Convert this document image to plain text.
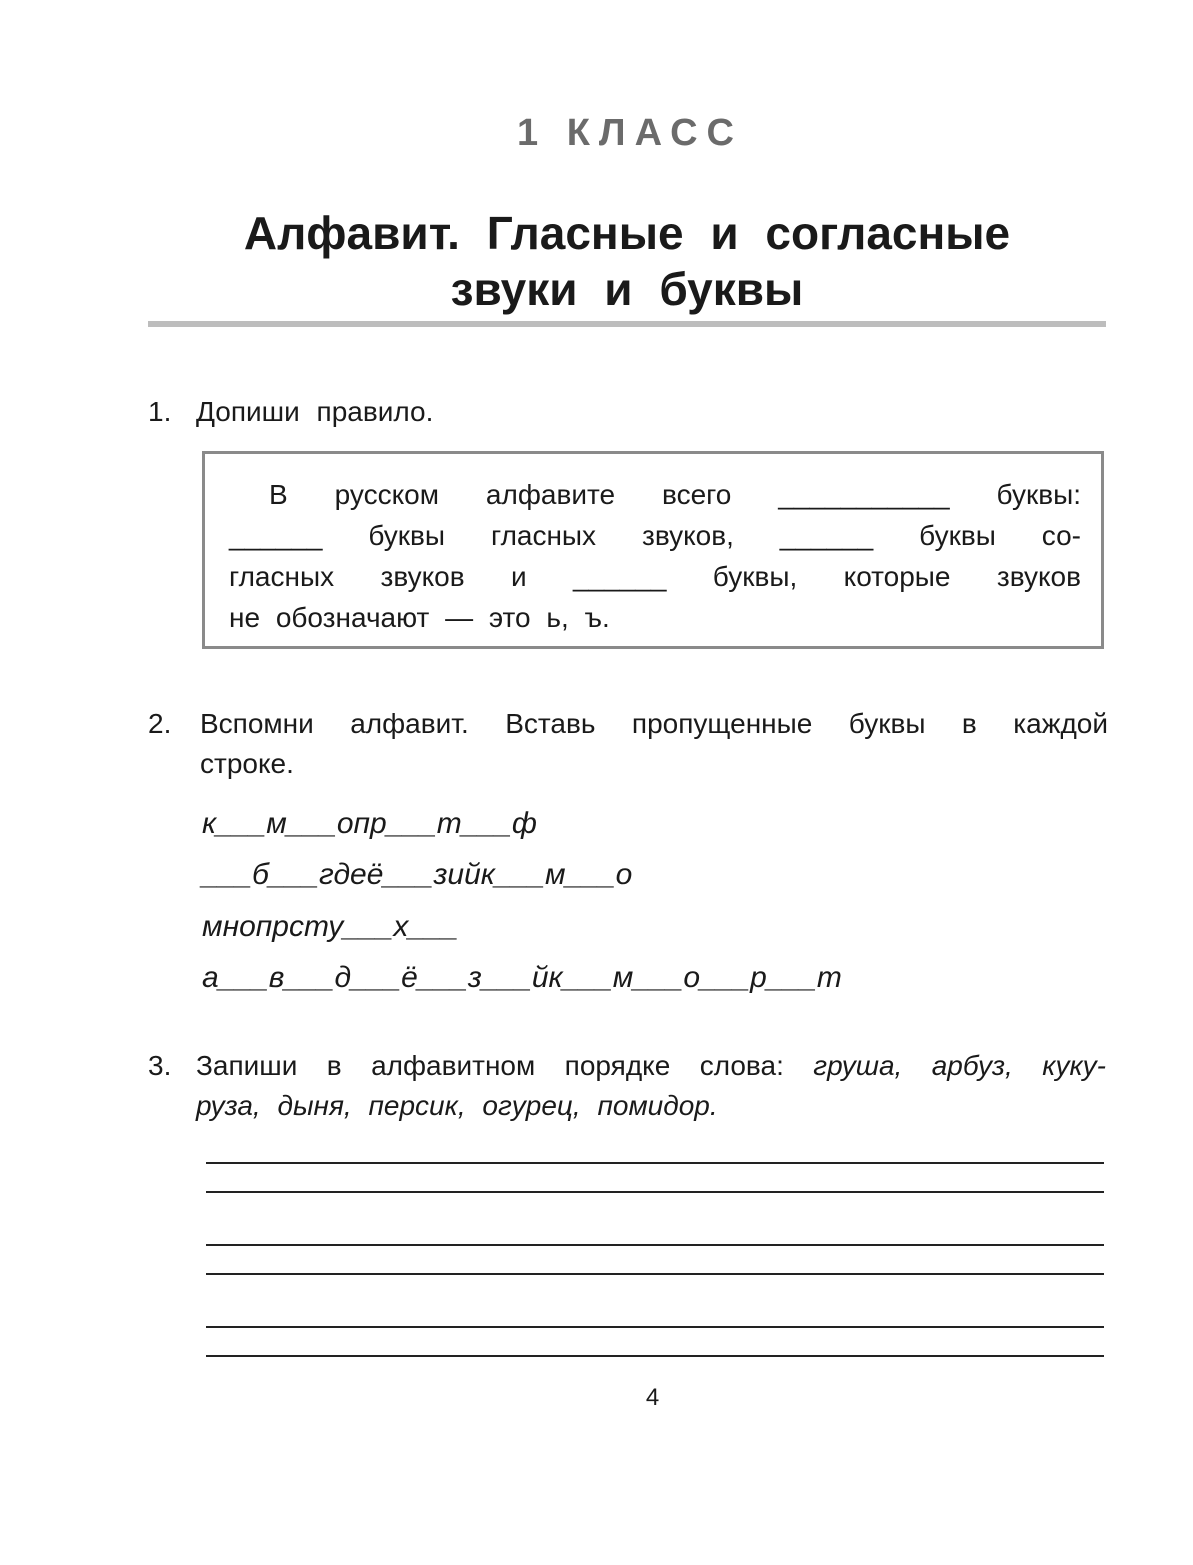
1 КЛАСС
Алфавит. Гласные и согласные
звуки и буквы
1. Допиши правило.
В русском алфавите всего ___________ буквы:
______ буквы гласных звуков, ______ буквы со-
гласных звуков и ______ буквы, которые звуков
не обозначают — это ь, ъ.
2. Вспомни алфавит. Вставь пропущенные буквы в каждой
строке.
к___м___опр___т___ф
___б___гдеё___зийк___м___о
мнопрсту___х___
а___в___д___ё___з___йк___м___о___р___т
3. Запиши в алфавитном порядке слова: груша, арбуз, куку-
руза, дыня, персик, огурец, помидор.
4
